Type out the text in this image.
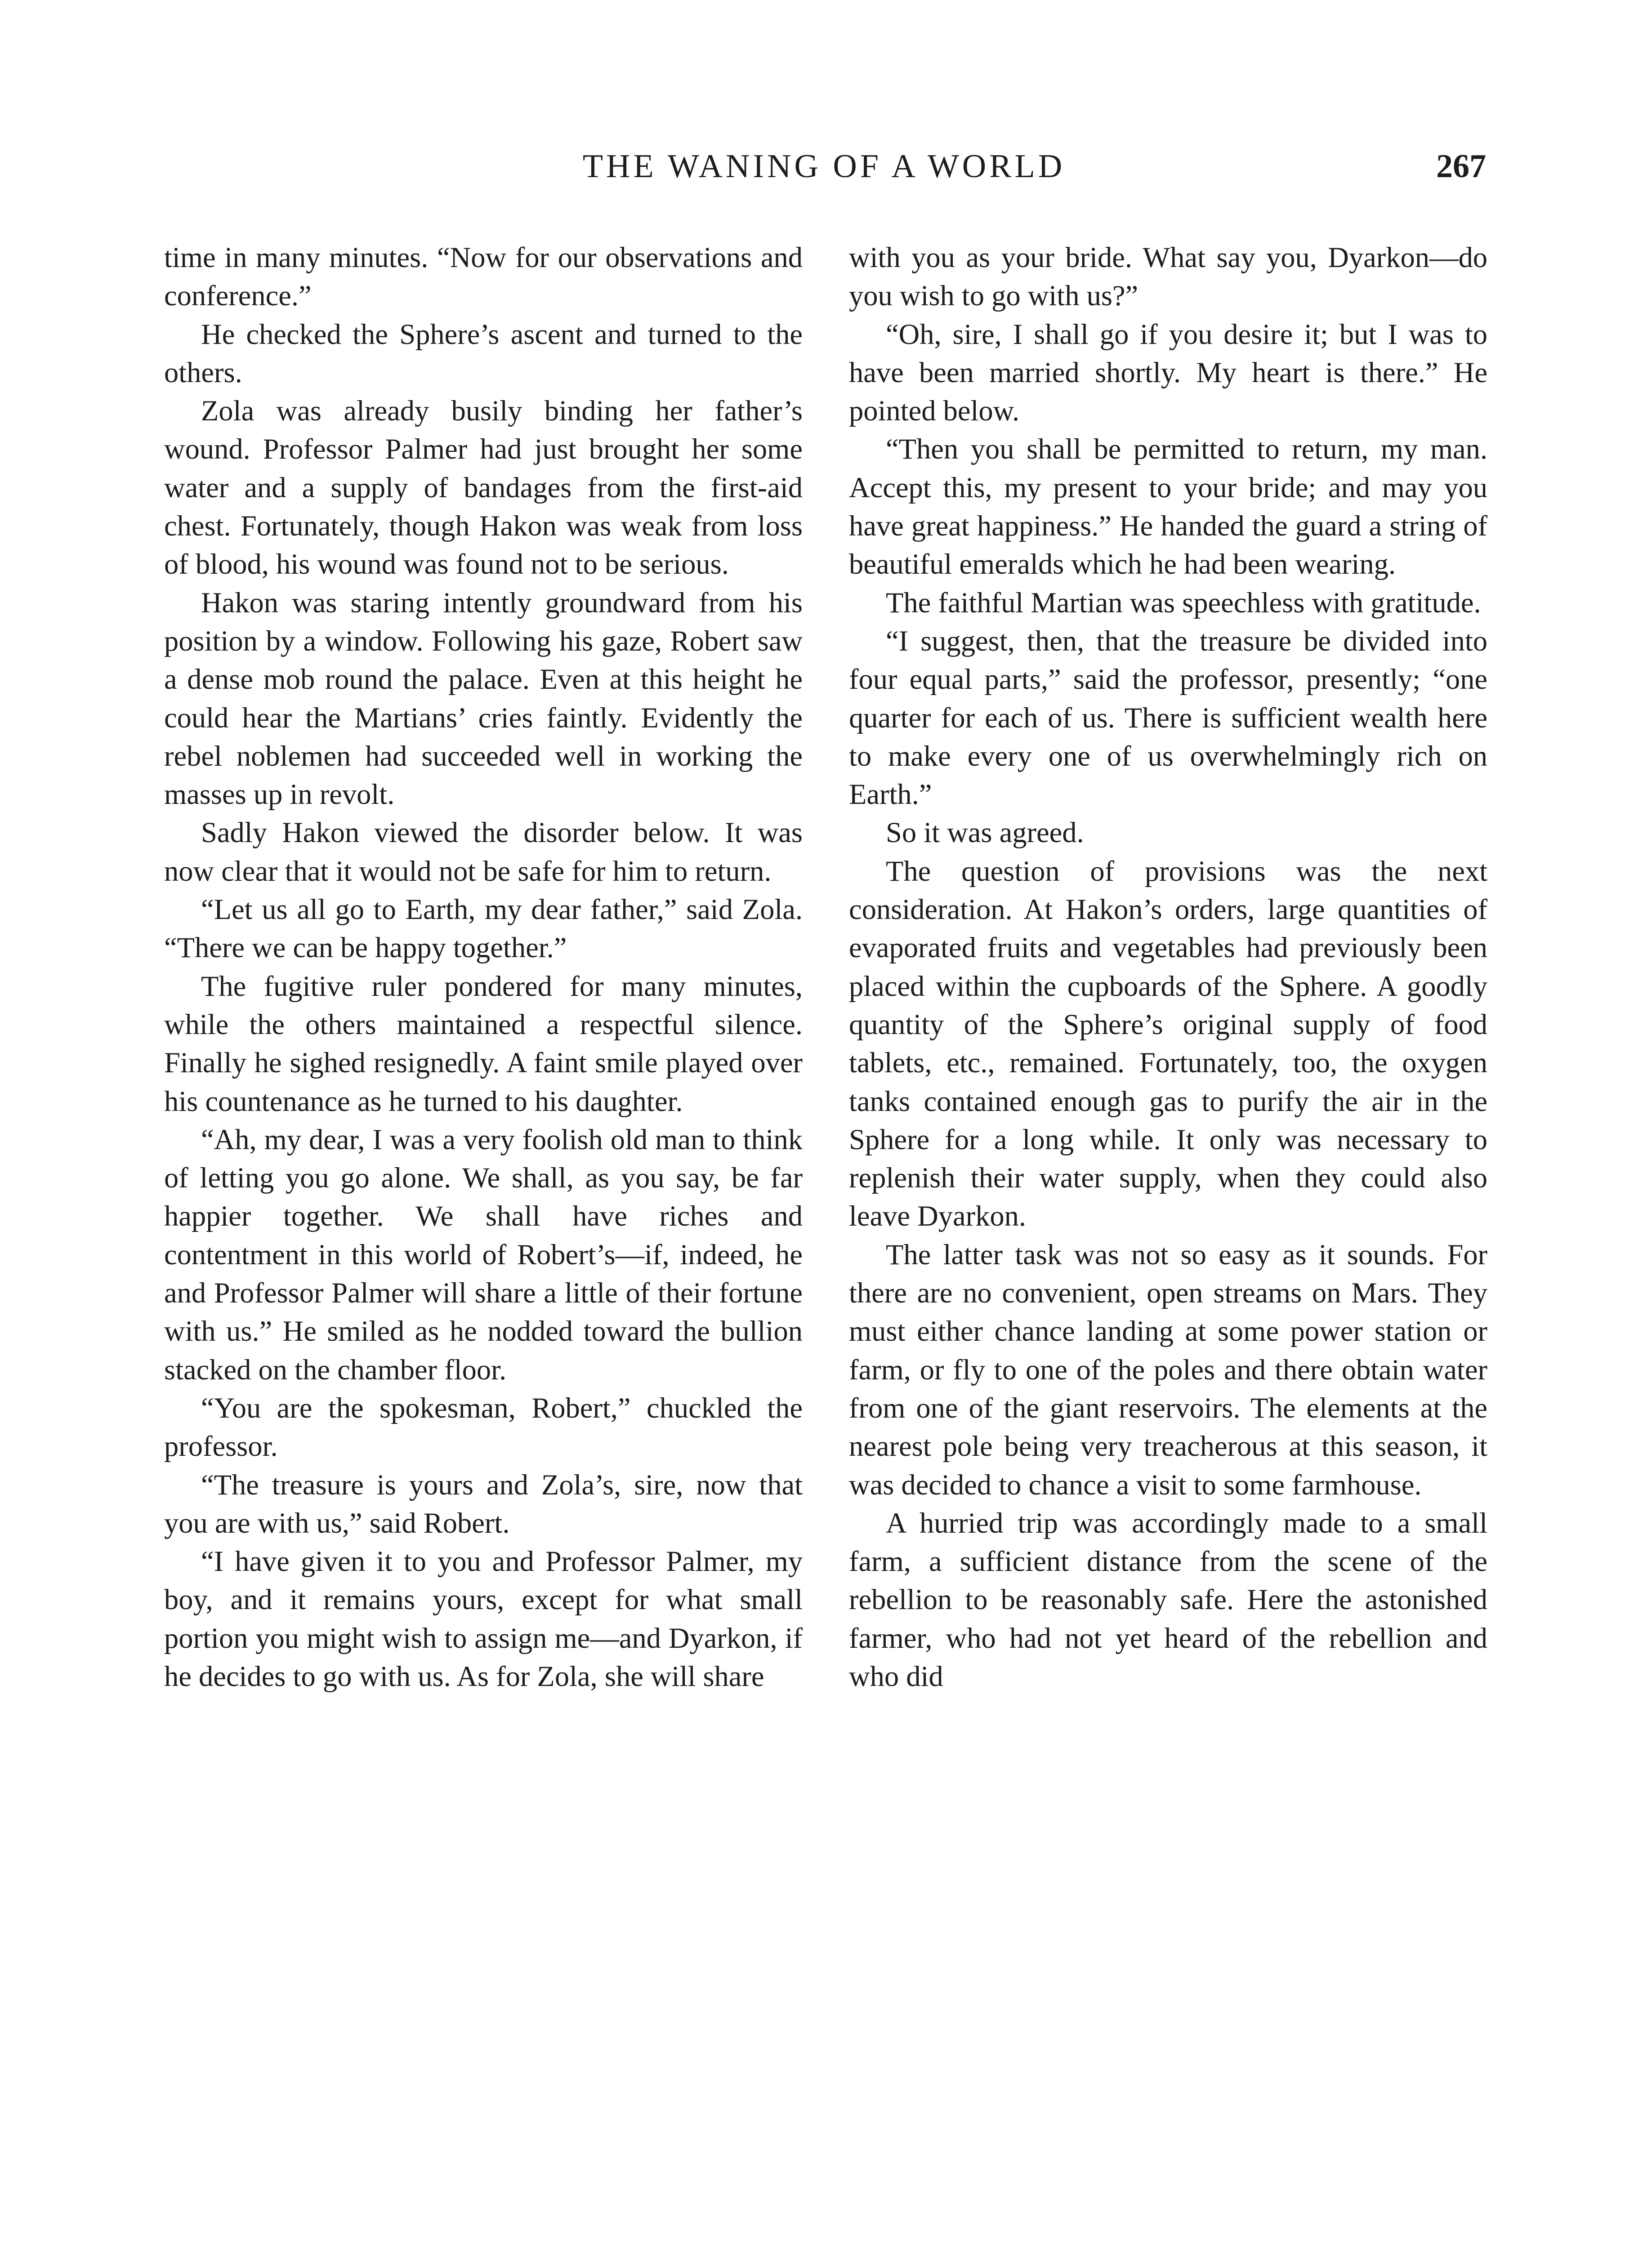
THE WANING OF A WORLD	267

time in many minutes. “Now for our observations and conference.”

He checked the Sphere’s ascent and turned to the others.

Zola was already busily binding her father’s wound. Professor Palmer had just brought her some water and a supply of bandages from the first-aid chest. Fortunately, though Hakon was weak from loss of blood, his wound was found not to be serious.

Hakon was staring intently groundward from his position by a window. Following his gaze, Robert saw a dense mob round the palace. Even at this height he could hear the Martians’ cries faintly. Evidently the rebel noblemen had succeeded well in working the masses up in revolt.

Sadly Hakon viewed the disorder below. It was now clear that it would not be safe for him to return.

“Let us all go to Earth, my dear father,” said Zola. “There we can be happy together.”

The fugitive ruler pondered for many minutes, while the others maintained a respectful silence. Finally he sighed resignedly. A faint smile played over his countenance as he turned to his daughter.

“Ah, my dear, I was a very foolish old man to think of letting you go alone. We shall, as you say, be far happier together. We shall have riches and contentment in this world of Robert’s—if, indeed, he and Professor Palmer will share a little of their fortune with us.” He smiled as he nodded toward the bullion stacked on the chamber floor.

“You are the spokesman, Robert,” chuckled the professor.

“The treasure is yours and Zola’s, sire, now that you are with us,” said Robert.

“I have given it to you and Professor Palmer, my boy, and it remains yours, except for what small portion you might wish to assign me—and Dyarkon, if he decides to go with us. As for Zola, she will share

with you as your bride. What say you, Dyarkon—do you wish to go with us?”

“Oh, sire, I shall go if you desire it; but I was to have been married shortly. My heart is there.” He pointed below.

“Then you shall be permitted to return, my man. Accept this, my present to your bride; and may you have great happiness.” He handed the guard a string of beautiful emeralds which he had been wearing.

The faithful Martian was speechless with gratitude.

“I suggest, then, that the treasure be divided into four equal parts,” said the professor, presently; “one quarter for each of us. There is sufficient wealth here to make every one of us overwhelmingly rich on Earth.”

So it was agreed.

The question of provisions was the next consideration. At Hakon’s orders, large quantities of evaporated fruits and vegetables had previously been placed within the cupboards of the Sphere. A goodly quantity of the Sphere’s original supply of food tablets, etc., remained. Fortunately, too, the oxygen tanks contained enough gas to purify the air in the Sphere for a long while. It only was necessary to replenish their water supply, when they could also leave Dyarkon.

The latter task was not so easy as it sounds. For there are no convenient, open streams on Mars. They must either chance landing at some power station or farm, or fly to one of the poles and there obtain water from one of the giant reservoirs. The elements at the nearest pole being very treacherous at this season, it was decided to chance a visit to some farmhouse.

A hurried trip was accordingly made to a small farm, a sufficient distance from the scene of the rebellion to be reasonably safe. Here the astonished farmer, who had not yet heard of the rebellion and who did
